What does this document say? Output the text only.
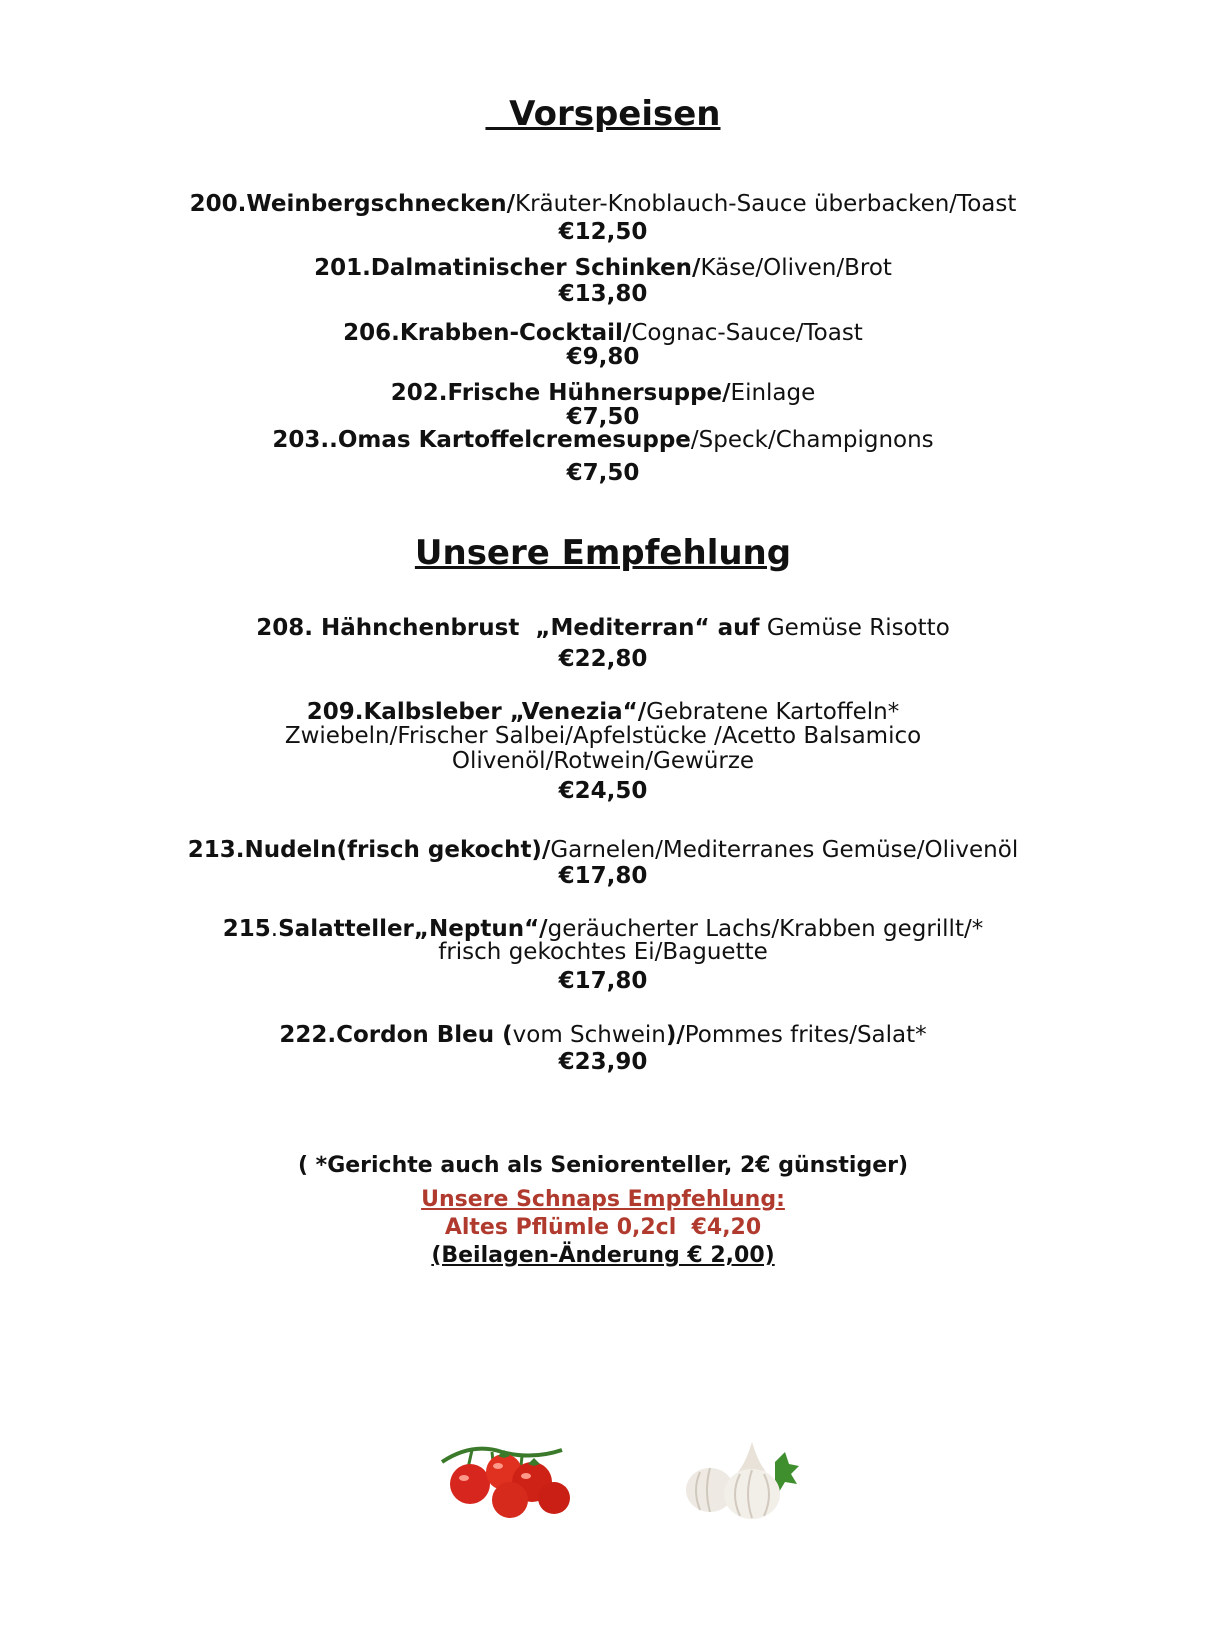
Vorspeisen
200.Weinbergschnecken/Kräuter-Knoblauch-Sauce überbacken/Toast
€12,50
201.Dalmatinischer Schinken/Käse/Oliven/Brot
€13,80
206.Krabben-Cocktail/Cognac-Sauce/Toast
€9,80
202.Frische Hühnersuppe/Einlage
€7,50
203..Omas Kartoffelcremesuppe/Speck/Champignons
€7,50
Unsere Empfehlung
208. Hähnchenbrust  „Mediterran“ auf Gemüse Risotto
€22,80
209.Kalbsleber „Venezia“/Gebratene Kartoffeln*
Zwiebeln/Frischer Salbei/Apfelstücke /Acetto Balsamico
Olivenöl/Rotwein/Gewürze
€24,50
213.Nudeln(frisch gekocht)/Garnelen/Mediterranes Gemüse/Olivenöl
€17,80
215.Salatteller„Neptun“/geräucherter Lachs/Krabben gegrillt/*
frisch gekochtes Ei/Baguette
€17,80
222.Cordon Bleu (vom Schwein)/Pommes frites/Salat*
€23,90
( *Gerichte auch als Seniorenteller, 2€ günstiger)
Unsere Schnaps Empfehlung:
Altes Pflümle 0,2cl  €4,20
(Beilagen-Änderung € 2,00)
